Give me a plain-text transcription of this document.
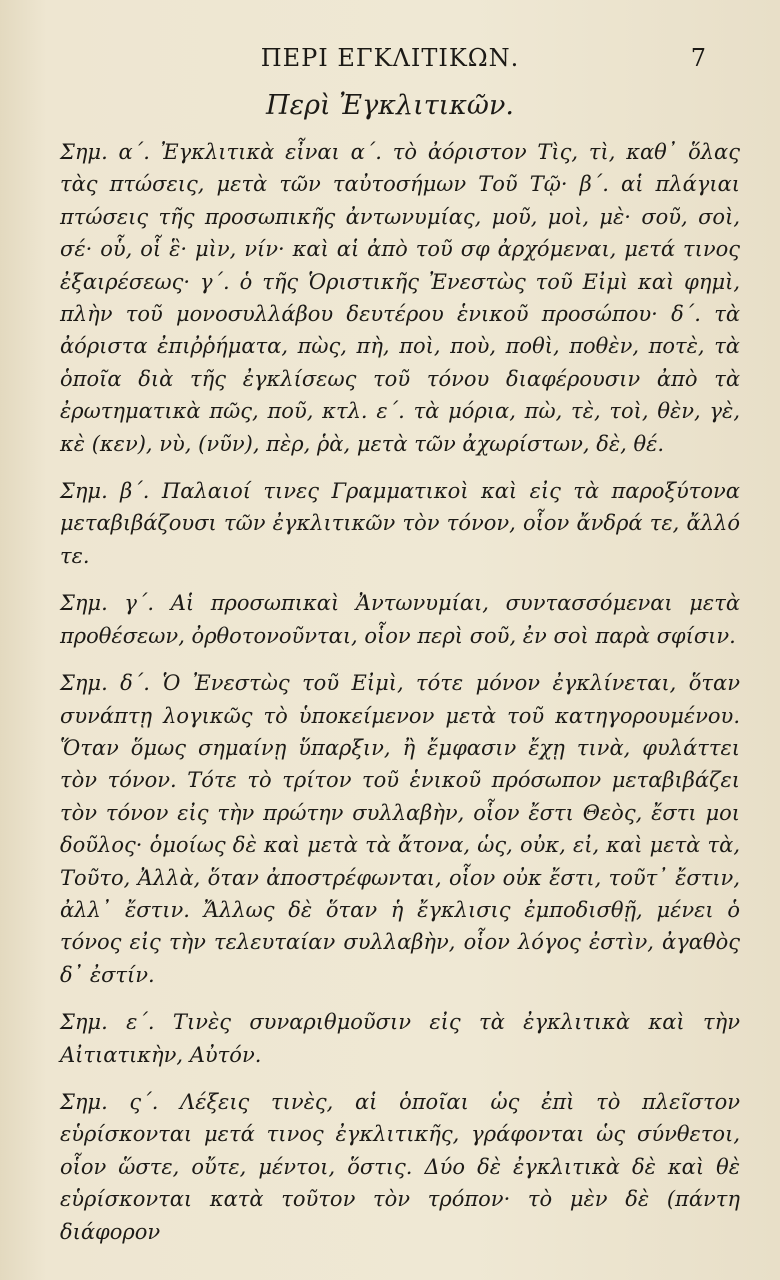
ΠΕΡΙ ΕΓΚΛΙΤΙΚΩΝ.	7
Περὶ Ἐγκλιτικῶν.

Σημ. α΄. Ἐγκλιτικὰ εἶναι α΄. τὸ ἀόριστον Τὶς, τὶ, καθ᾽ ὅλας τὰς πτώσεις, μετὰ τῶν ταὐτοσήμων Τοῦ Τῷ· β΄. αἱ πλάγιαι πτώσεις τῆς προσωπικῆς ἀντωνυμίας, μοῦ, μοὶ, μὲ· σοῦ, σοὶ, σέ· οὗ, οἷ ἓ· μὶν, νίν· καὶ αἱ ἀπὸ τοῦ σφ ἀρχόμεναι, μετά τινος ἐξαιρέσεως· γ΄. ὁ τῆς Ὁριστικῆς Ἐνεστὼς τοῦ Εἰμὶ καὶ φημὶ, πλὴν τοῦ μονοσυλλάβου δευτέρου ἑνικοῦ προσώπου· δ΄. τὰ ἀόριστα ἐπιῤῥήματα, πὼς, πὴ, ποὶ, ποὺ, ποθὶ, ποθὲν, ποτὲ, τὰ ὁποῖα διὰ τῆς ἐγκλίσεως τοῦ τόνου διαφέρουσιν ἀπὸ τὰ ἐρωτηματικὰ πῶς, ποῦ, κτλ. ε΄. τὰ μόρια, πὼ, τὲ, τοὶ, θὲν, γὲ, κὲ (κεν), νὺ, (νῦν), πὲρ, ῥὰ, μετὰ τῶν ἀχωρίστων, δὲ, θέ.

Σημ. β΄. Παλαιοί τινες Γραμματικοὶ καὶ εἰς τὰ παροξύτονα μεταβιβάζουσι τῶν ἐγκλιτικῶν τὸν τόνον, οἷον ἄνδρά τε, ἄλλό τε.

Σημ. γ΄. Αἱ προσωπικαὶ Ἀντωνυμίαι, συντασσόμεναι μετὰ προθέσεων, ὀρθοτονοῦνται, οἷον περὶ σοῦ, ἐν σοὶ παρὰ σφίσιν.

Σημ. δ΄. Ὁ Ἐνεστὼς τοῦ Εἰμὶ, τότε μόνον ἐγκλίνεται, ὅταν συνάπτῃ λογικῶς τὸ ὑποκείμενον μετὰ τοῦ κατηγορουμένου. Ὅταν ὅμως σημαίνῃ ὕπαρξιν, ἢ ἔμφασιν ἔχῃ τινὰ, φυλάττει τὸν τόνον. Τότε τὸ τρίτον τοῦ ἑνικοῦ πρόσωπον μεταβιβάζει τὸν τόνον εἰς τὴν πρώτην συλλαβὴν, οἷον ἔστι Θεὸς, ἔστι μοι δοῦλος· ὁμοίως δὲ καὶ μετὰ τὰ ἄτονα, ὡς, οὐκ, εἰ, καὶ μετὰ τὰ, Τοῦτο, Ἀλλὰ, ὅταν ἀποστρέφωνται, οἷον οὐκ ἔστι, τοῦτ᾽ ἔστιν, ἀλλ᾽ ἔστιν. Ἄλλως δὲ ὅταν ἡ ἔγκλισις ἐμποδισθῇ, μένει ὁ τόνος εἰς τὴν τελευταίαν συλλαβὴν, οἷον λόγος ἐστὶν, ἀγαθὸς δ᾽ ἐστίν.

Σημ. ε΄. Τινὲς συναριθμοῦσιν εἰς τὰ ἐγκλιτικὰ καὶ τὴν Αἰτιατικὴν, Αὐτόν.

Σημ. ς΄. Λέξεις τινὲς, αἱ ὁποῖαι ὡς ἐπὶ τὸ πλεῖστον εὑρίσκονται μετά τινος ἐγκλιτικῆς, γράφονται ὡς σύνθετοι, οἷον ὥστε, οὔτε, μέντοι, ὅστις. Δύο δὲ ἐγκλιτικὰ δὲ καὶ θὲ εὑρίσκονται κατὰ τοῦτον τὸν τρόπον· τὸ μὲν δὲ (πάντη διάφορον
